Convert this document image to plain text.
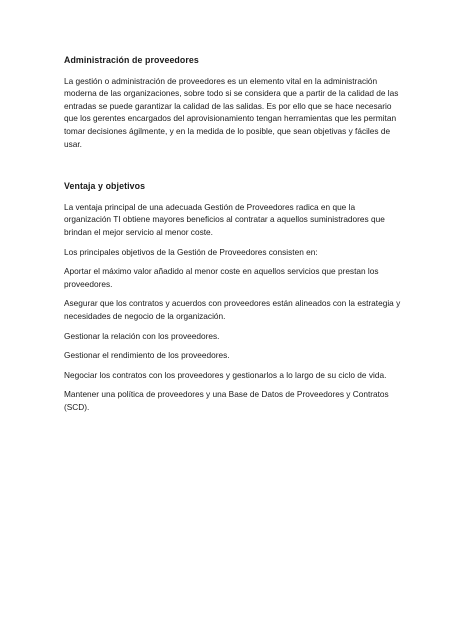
Administración de proveedores

La gestión o administración de proveedores es un elemento vital en la administración moderna de las organizaciones, sobre todo si se considera que a partir de la calidad de las entradas se puede garantizar la calidad de las salidas. Es por ello que se hace necesario que los gerentes encargados del aprovisionamiento tengan herramientas que les permitan tomar decisiones ágilmente, y en la medida de lo posible, que sean objetivas y fáciles de usar.

Ventaja y objetivos

La ventaja principal de una adecuada Gestión de Proveedores radica en que la organización TI obtiene mayores beneficios al contratar a aquellos suministradores que brindan el mejor servicio al menor coste.

Los principales objetivos de la Gestión de Proveedores consisten en:

Aportar el máximo valor añadido al menor coste en aquellos servicios que prestan los proveedores.

Asegurar que los contratos y acuerdos con proveedores están alineados con la estrategia y necesidades de negocio de la organización.

Gestionar la relación con los proveedores.

Gestionar el rendimiento de los proveedores.

Negociar los contratos con los proveedores y gestionarlos a lo largo de su ciclo de vida.

Mantener una política de proveedores y una Base de Datos de Proveedores y Contratos (SCD).
